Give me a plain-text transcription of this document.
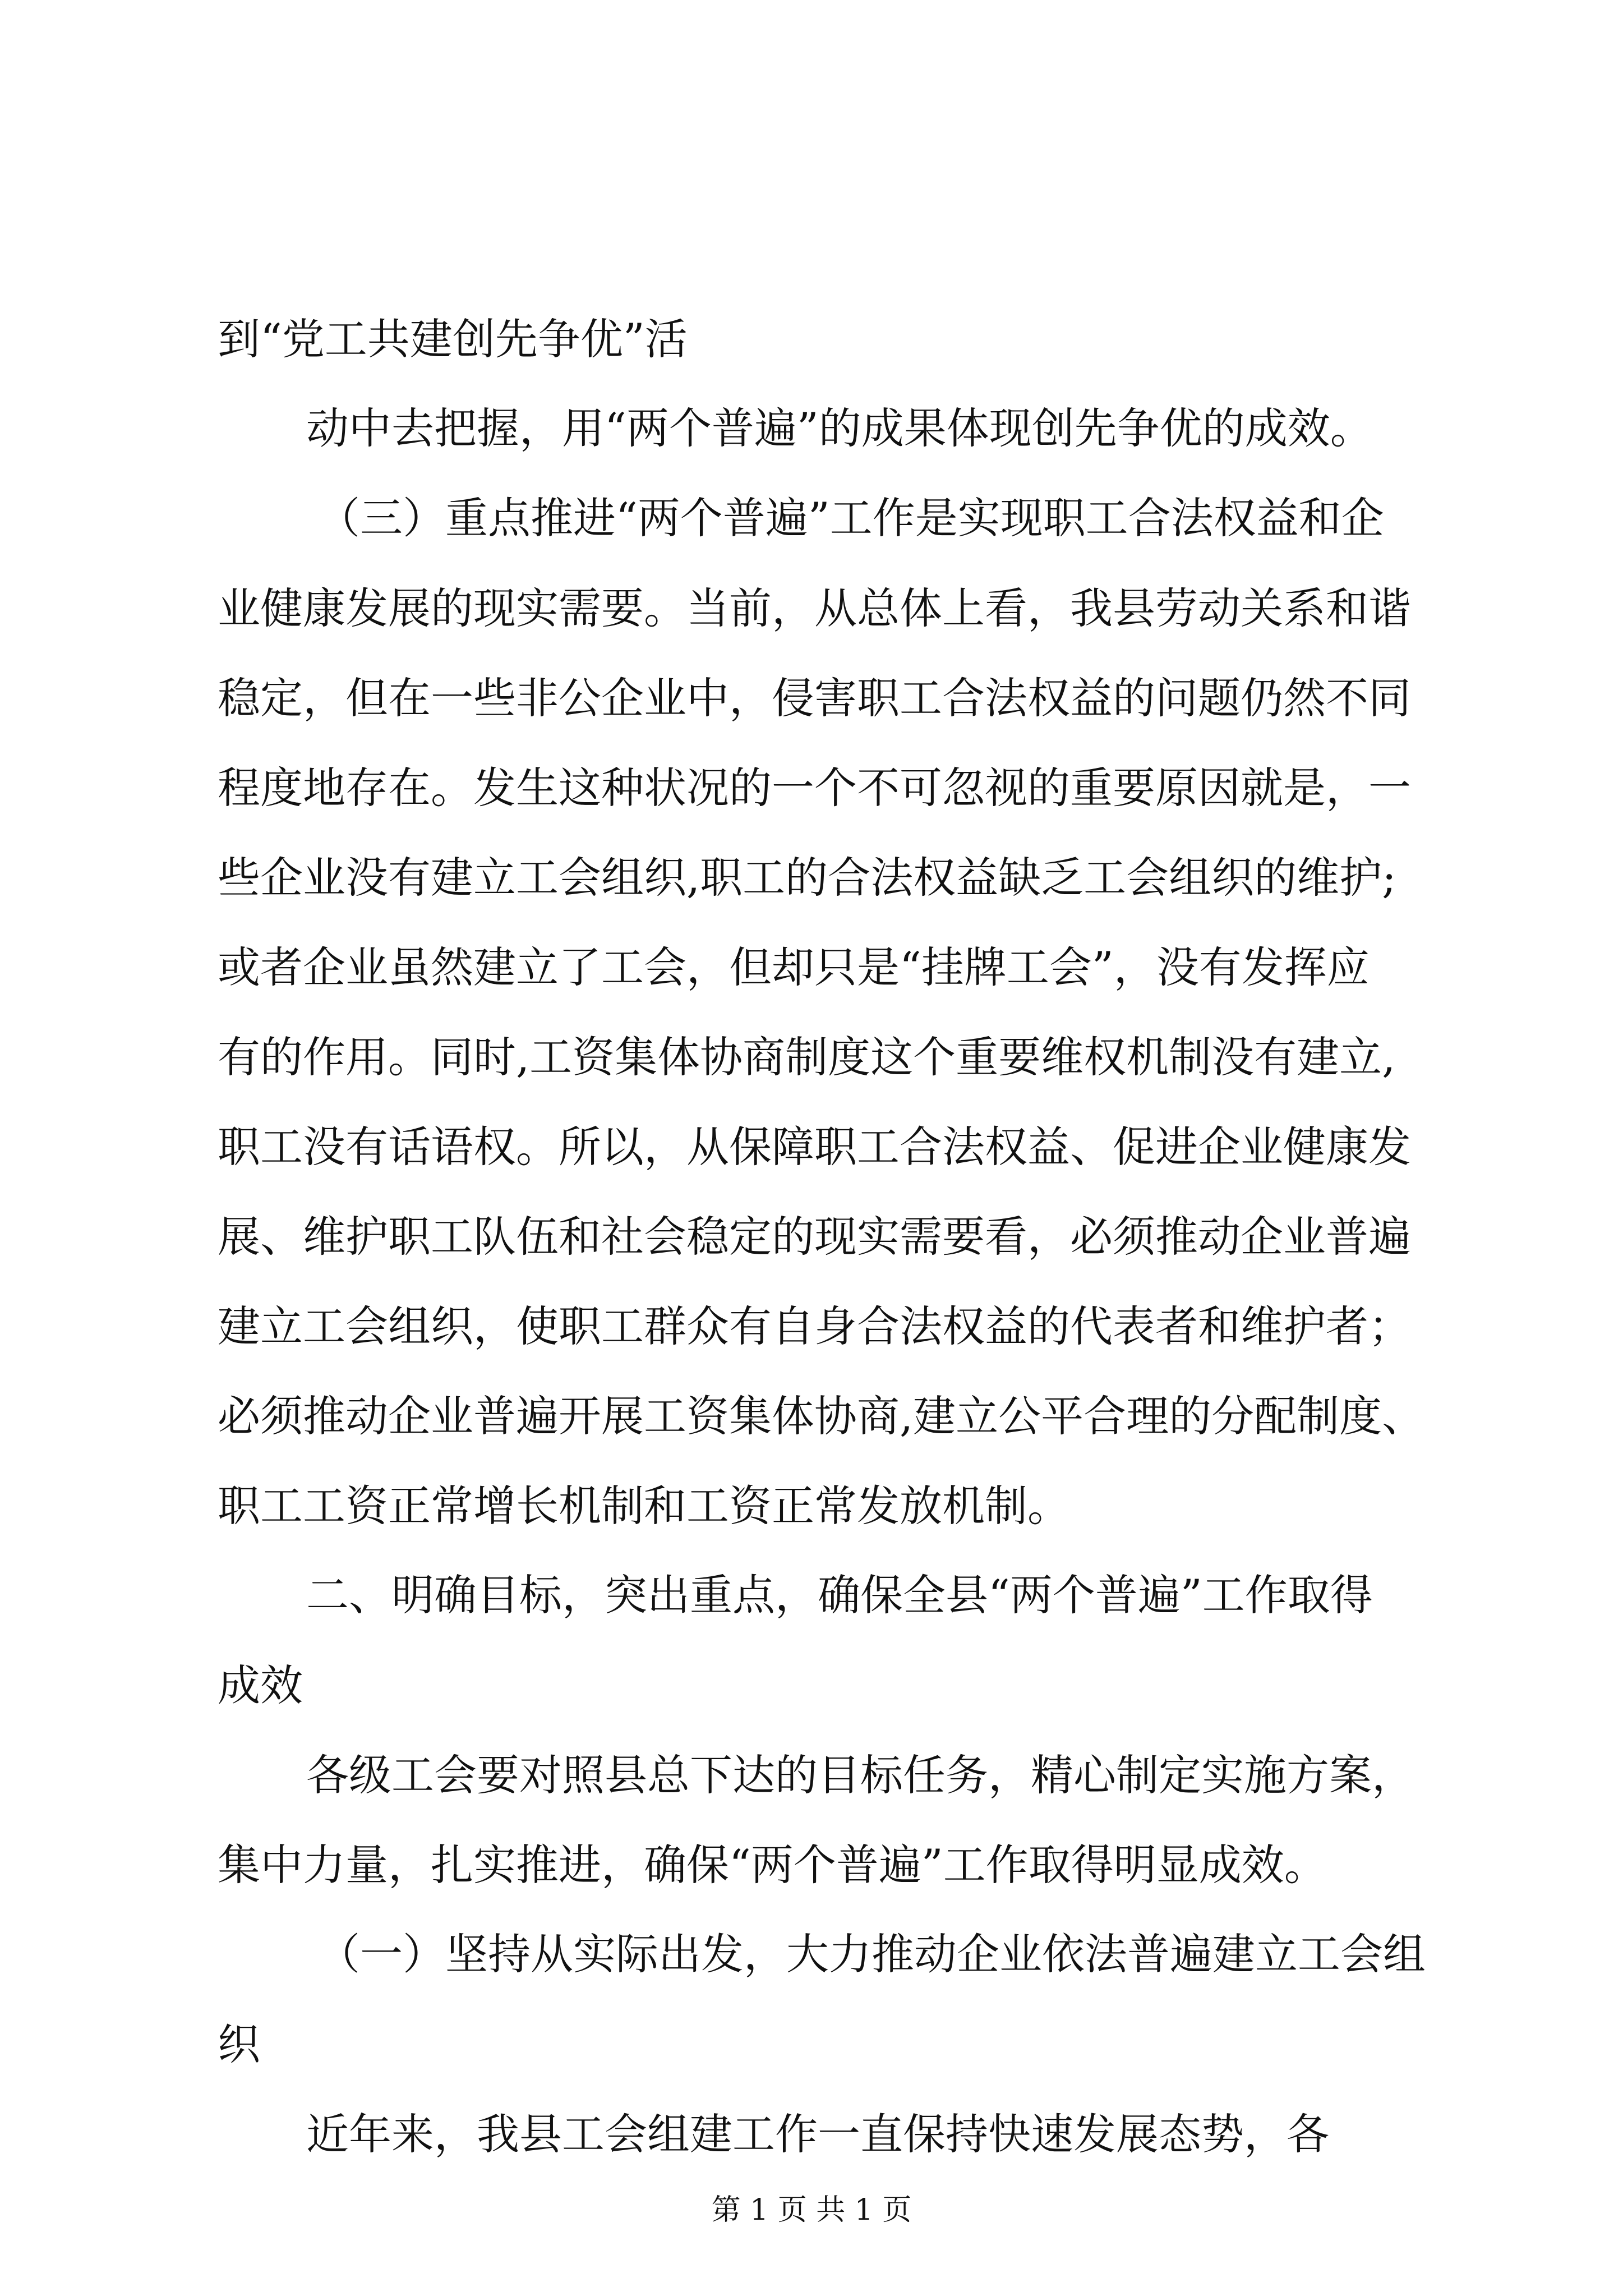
到“党工共建创先争优”活
动中去把握，用“两个普遍”的成果体现创先争优的成效。
（三）重点推进“两个普遍”工作是实现职工合法权益和企
业健康发展的现实需要。当前，从总体上看，我县劳动关系和谐
稳定，但在一些非公企业中，侵害职工合法权益的问题仍然不同
程度地存在。发生这种状况的一个不可忽视的重要原因就是，一
些企业没有建立工会组织,职工的合法权益缺乏工会组织的维护;
或者企业虽然建立了工会，但却只是“挂牌工会”，没有发挥应
有的作用。同时,工资集体协商制度这个重要维权机制没有建立,
职工没有话语权。所以，从保障职工合法权益、促进企业健康发
展、维护职工队伍和社会稳定的现实需要看，必须推动企业普遍
建立工会组织，使职工群众有自身合法权益的代表者和维护者；
必须推动企业普遍开展工资集体协商,建立公平合理的分配制度、
职工工资正常增长机制和工资正常发放机制。
二、明确目标，突出重点，确保全县“两个普遍”工作取得
成效
各级工会要对照县总下达的目标任务，精心制定实施方案，
集中力量，扎实推进，确保“两个普遍”工作取得明显成效。
（一）坚持从实际出发，大力推动企业依法普遍建立工会组
织
近年来，我县工会组建工作一直保持快速发展态势，各
第 1 页 共 1 页
